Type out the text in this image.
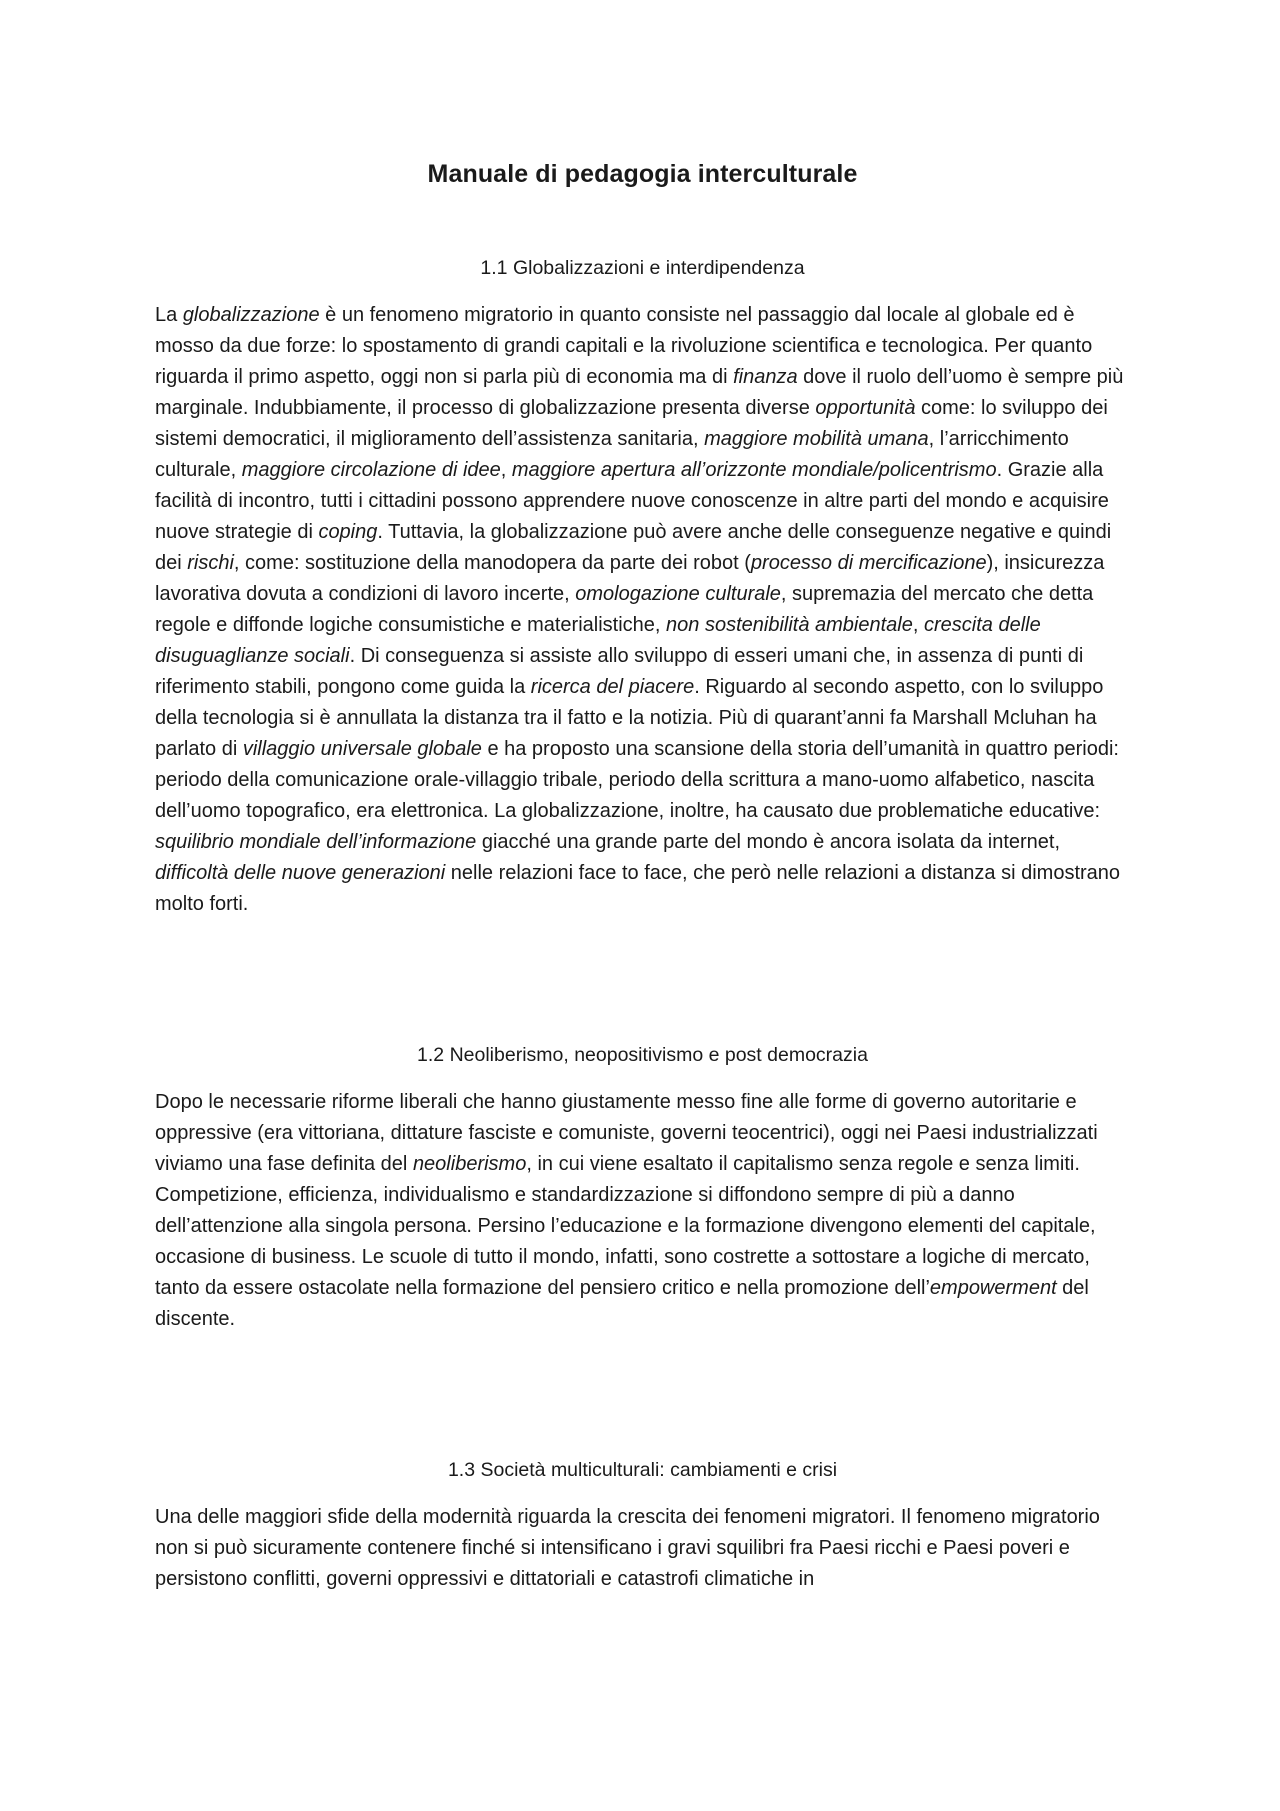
Manuale di pedagogia interculturale
1.1 Globalizzazioni e interdipendenza

La globalizzazione è un fenomeno migratorio in quanto consiste nel passaggio dal locale al globale ed è mosso da due forze: lo spostamento di grandi capitali e la rivoluzione scientifica e tecnologica. Per quanto riguarda il primo aspetto, oggi non si parla più di economia ma di finanza dove il ruolo dell’uomo è sempre più marginale. Indubbiamente, il processo di globalizzazione presenta diverse opportunità come: lo sviluppo dei sistemi democratici, il miglioramento dell’assistenza sanitaria, maggiore mobilità umana, l’arricchimento culturale, maggiore circolazione di idee, maggiore apertura all’orizzonte mondiale/policentrismo. Grazie alla facilità di incontro, tutti i cittadini possono apprendere nuove conoscenze in altre parti del mondo e acquisire nuove strategie di coping. Tuttavia, la globalizzazione può avere anche delle conseguenze negative e quindi dei rischi, come: sostituzione della manodopera da parte dei robot (processo di mercificazione), insicurezza lavorativa dovuta a condizioni di lavoro incerte, omologazione culturale, supremazia del mercato che detta regole e diffonde logiche consumistiche e materialistiche, non sostenibilità ambientale, crescita delle disuguaglianze sociali. Di conseguenza si assiste allo sviluppo di esseri umani che, in assenza di punti di riferimento stabili, pongono come guida la ricerca del piacere. Riguardo al secondo aspetto, con lo sviluppo della tecnologia si è annullata la distanza tra il fatto e la notizia. Più di quarant’anni fa Marshall Mcluhan ha parlato di villaggio universale globale e ha proposto una scansione della storia dell’umanità in quattro periodi: periodo della comunicazione orale-villaggio tribale, periodo della scrittura a mano-uomo alfabetico, nascita dell’uomo topografico, era elettronica. La globalizzazione, inoltre, ha causato due problematiche educative: squilibrio mondiale dell’informazione giacché una grande parte del mondo è ancora isolata da internet, difficoltà delle nuove generazioni nelle relazioni face to face, che però nelle relazioni a distanza si dimostrano molto forti.

1.2 Neoliberismo, neopositivismo e post democrazia

Dopo le necessarie riforme liberali che hanno giustamente messo fine alle forme di governo autoritarie e oppressive (era vittoriana, dittature fasciste e comuniste, governi teocentrici), oggi nei Paesi industrializzati viviamo una fase definita del neoliberismo, in cui viene esaltato il capitalismo senza regole e senza limiti. Competizione, efficienza, individualismo e standardizzazione si diffondono sempre di più a danno dell’attenzione alla singola persona. Persino l’educazione e la formazione divengono elementi del capitale, occasione di business. Le scuole di tutto il mondo, infatti, sono costrette a sottostare a logiche di mercato, tanto da essere ostacolate nella formazione del pensiero critico e nella promozione dell’empowerment del discente.

1.3 Società multiculturali: cambiamenti e crisi

Una delle maggiori sfide della modernità riguarda la crescita dei fenomeni migratori. Il fenomeno migratorio non si può sicuramente contenere finché si intensificano i gravi squilibri fra Paesi ricchi e Paesi poveri e persistono conflitti, governi oppressivi e dittatoriali e catastrofi climatiche in
